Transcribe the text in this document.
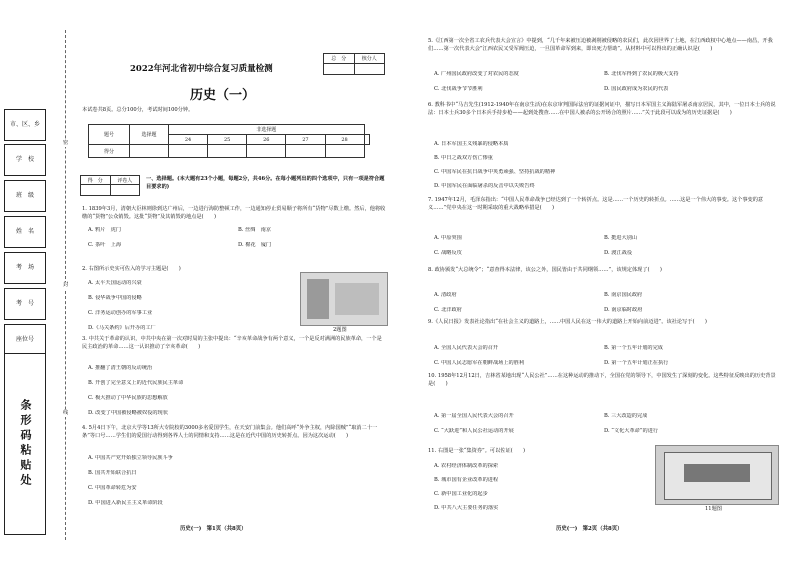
市、区、乡
学　校
班　级
姓　名
考　场
考　号
座位号
条形码粘贴处
密
封
线
2022年河北省初中综合复习质量检测
历史（一）
总　分	核分人

本试卷共8页。总分100分，考试时间100分钟。
题号	选择题	非选择题					
		24	25	26	27	28	
得分							
得　分	评卷人
		一、选择题。(本大题有23个小题，每题2分，共46分。在每小题列出的四个选项中，只有一项是符合题目要求的)
1. 1839年3月，清朝大臣林则徐到达广州后，一边进行海防整顿工作，一边通知停止贸易顺子将所有“货物”尽数上缴。然后，他将收缴的“货物”公众销毁。这批“货物”及其销毁的地点是(　　)
A. 鸦片　虎门	B. 丝绸　南京
C. 茶叶　上海	D. 棉花　厦门
2. 右图所示史实可佐入的学习主题是(　　)
A. 太平天国运动的兴衰
B. 侵华战争中国的侵略
C. 洋务运动创办的军事工业
D.《马关条约》后开办的工厂
3. 中共关于革命的认识，中共中央在第一次对时局的主张中提出：“辛亥革命战争有两个意义，一个是反对满洲的民族革命，一个是民主政治的革命……这一认识推动了辛亥革命(　　)
A. 推翻了清王朝的反动统治
B. 开创了完全意义上的近代民族民主革命
C. 极大推动了中华民族的思想解放
D. 改变了中国被侵略被奴役的现状
4. 5月4日下午，北京大学等13所大专院校的3000多名爱国学生，在天安门前集会。他们高呼“外争主权，内除国贼”“取消二十一条”等口号……学生们的爱国行动得到各界人士的同情和支持……这是在近代中国的历史转折点。因为这次运动(　　)
A. 中国共产党开始独立领导民族斗争
B. 国共开始联合抗日
C. 中国革命转危为安
D. 中国进入新民主主义革命阶段
2题图
历史(一)　第1页（共8页）
5.《江西第一次全省工农兵代表大会宣言》中提到，“几千年来被压迫被剥削被侵略的农民们，此次因世界了土地，在江西政权中心地点——南昌，开我们……第一次代表大会”江西农民又受军阀压迫，一旦国革命军到来，即出死力帮助”。从材料中可以得出的正确认识是(　　)
A. 广州国民政府改变了对农民的态度	B. 北伐军得到了农民的极大支持
C. 北伐战争节节胜利	D. 国民政府成为农民的代表
6. 教科书中“马吉先生(1912-1940年在南京生活)在东京审判国际法官的证据问证中，描写日本军国主义海陆军屠杀南京居民，其中，一位日本士兵的说法：日本士兵30多个日本兵手持步枪——起到处搜查……在中国人被杀的公开场合的照片……”关于此段可以成为的历史证据是(　　)
A. 日本军国主义残暴的侵略本质
B. 中日之战双方伤亡惨重
C. 中国军民在抗日战争中英勇顽强、坚持抗战的精神
D. 中国军民在面临屠杀的反击中以失败告终
7. 1947年12月，毛泽东指出：“中国人民革命战争已经达到了一个转折点。这是……一个历史的转折点。……这是一个伟大的事变。这个事变的意义……”党中央在这一时期采取的重大战略举措是(　　)
A. 中原突围	B. 挺进大别山
C. 战略反攻	D. 渡江战役
8. 政协颁发“大总统令”；“意查得本法律，该公之外，国民皆由于共同纲领……”，该规定体现了(　　)
A. 清政府	B. 南京国民政府
C. 北洋政府	D. 南京临时政府
9.《人民日报》发表社论指出“在社会主义的道路上，……中国人民在这一伟大的道路上开始向前迈进”。该社论写于(　　)
A. 全国人民代表大会的召开	B. 第一个五年计划的完成
C. 中国人民志愿军在朝鲜战场上的胜利	D. 第一个五年计划正在执行
10. 1958年12月12日，吉林省某地出现“人民公社”……在这种运动的推动下，全国在党的领导下，中国发生了深刻的变化。这些特征反映出的历史背景是(　　)
A. 第一届全国人民代表大会的召开	B. 三大改造的完成
C. “大跃进”和人民公社运动的开展	D. “文化大革命”的进行
11. 右图是一张“集资券”。可以佐证(　　)
A. 农村经济体制改革的探索
B. 城市国有企业改革的进程
C. 新中国工业化的起步
D. 中共八大主要任务的落实	11题图
历史(一)　第2页（共8页）
